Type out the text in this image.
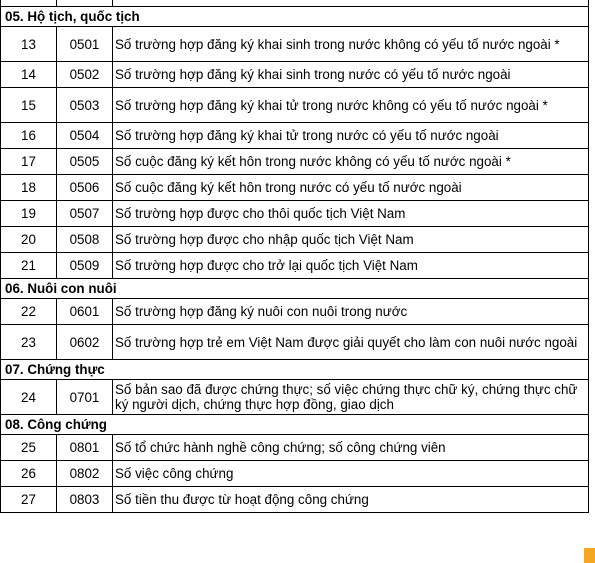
05. Hộ tịch, quốc tịch		
13	0501	Số trường hợp đăng ký khai sinh trong nước không có yếu tố nước ngoài *
14	0502	Số trường hợp đăng ký khai sinh trong nước có yếu tố nước ngoài
15	0503	Số trường hợp đăng ký khai tử trong nước không có yếu tố nước ngoài *
16	0504	Số trường hợp đăng ký khai tử trong nước có yếu tố nước ngoài
17	0505	Số cuộc đăng ký kết hôn trong nước không có yếu tố nước ngoài *
18	0506	Số cuộc đăng ký kết hôn trong nước có yếu tố nước ngoài
19	0507	Số trường hợp được cho thôi quốc tịch Việt Nam
20	0508	Số trường hợp được cho nhập quốc tịch Việt Nam
21	0509	Số trường hợp được cho trở lại quốc tịch Việt Nam
06. Nuôi con nuôi		
22	0601	Số trường hợp đăng ký nuôi con nuôi trong nước
23	0602	Số trường hợp trẻ em Việt Nam được giải quyết cho làm con nuôi nước ngoài
07. Chứng thực		
24	0701	Số bản sao đã được chứng thực; số việc chứng thực chữ ký, chứng thực chữ ký người dịch, chứng thực hợp đồng, giao dịch
08. Công chứng		
25	0801	Số tổ chức hành nghề công chứng; số công chứng viên
26	0802	Số việc công chứng
27	0803	Số tiền thu được từ hoạt động công chứng
